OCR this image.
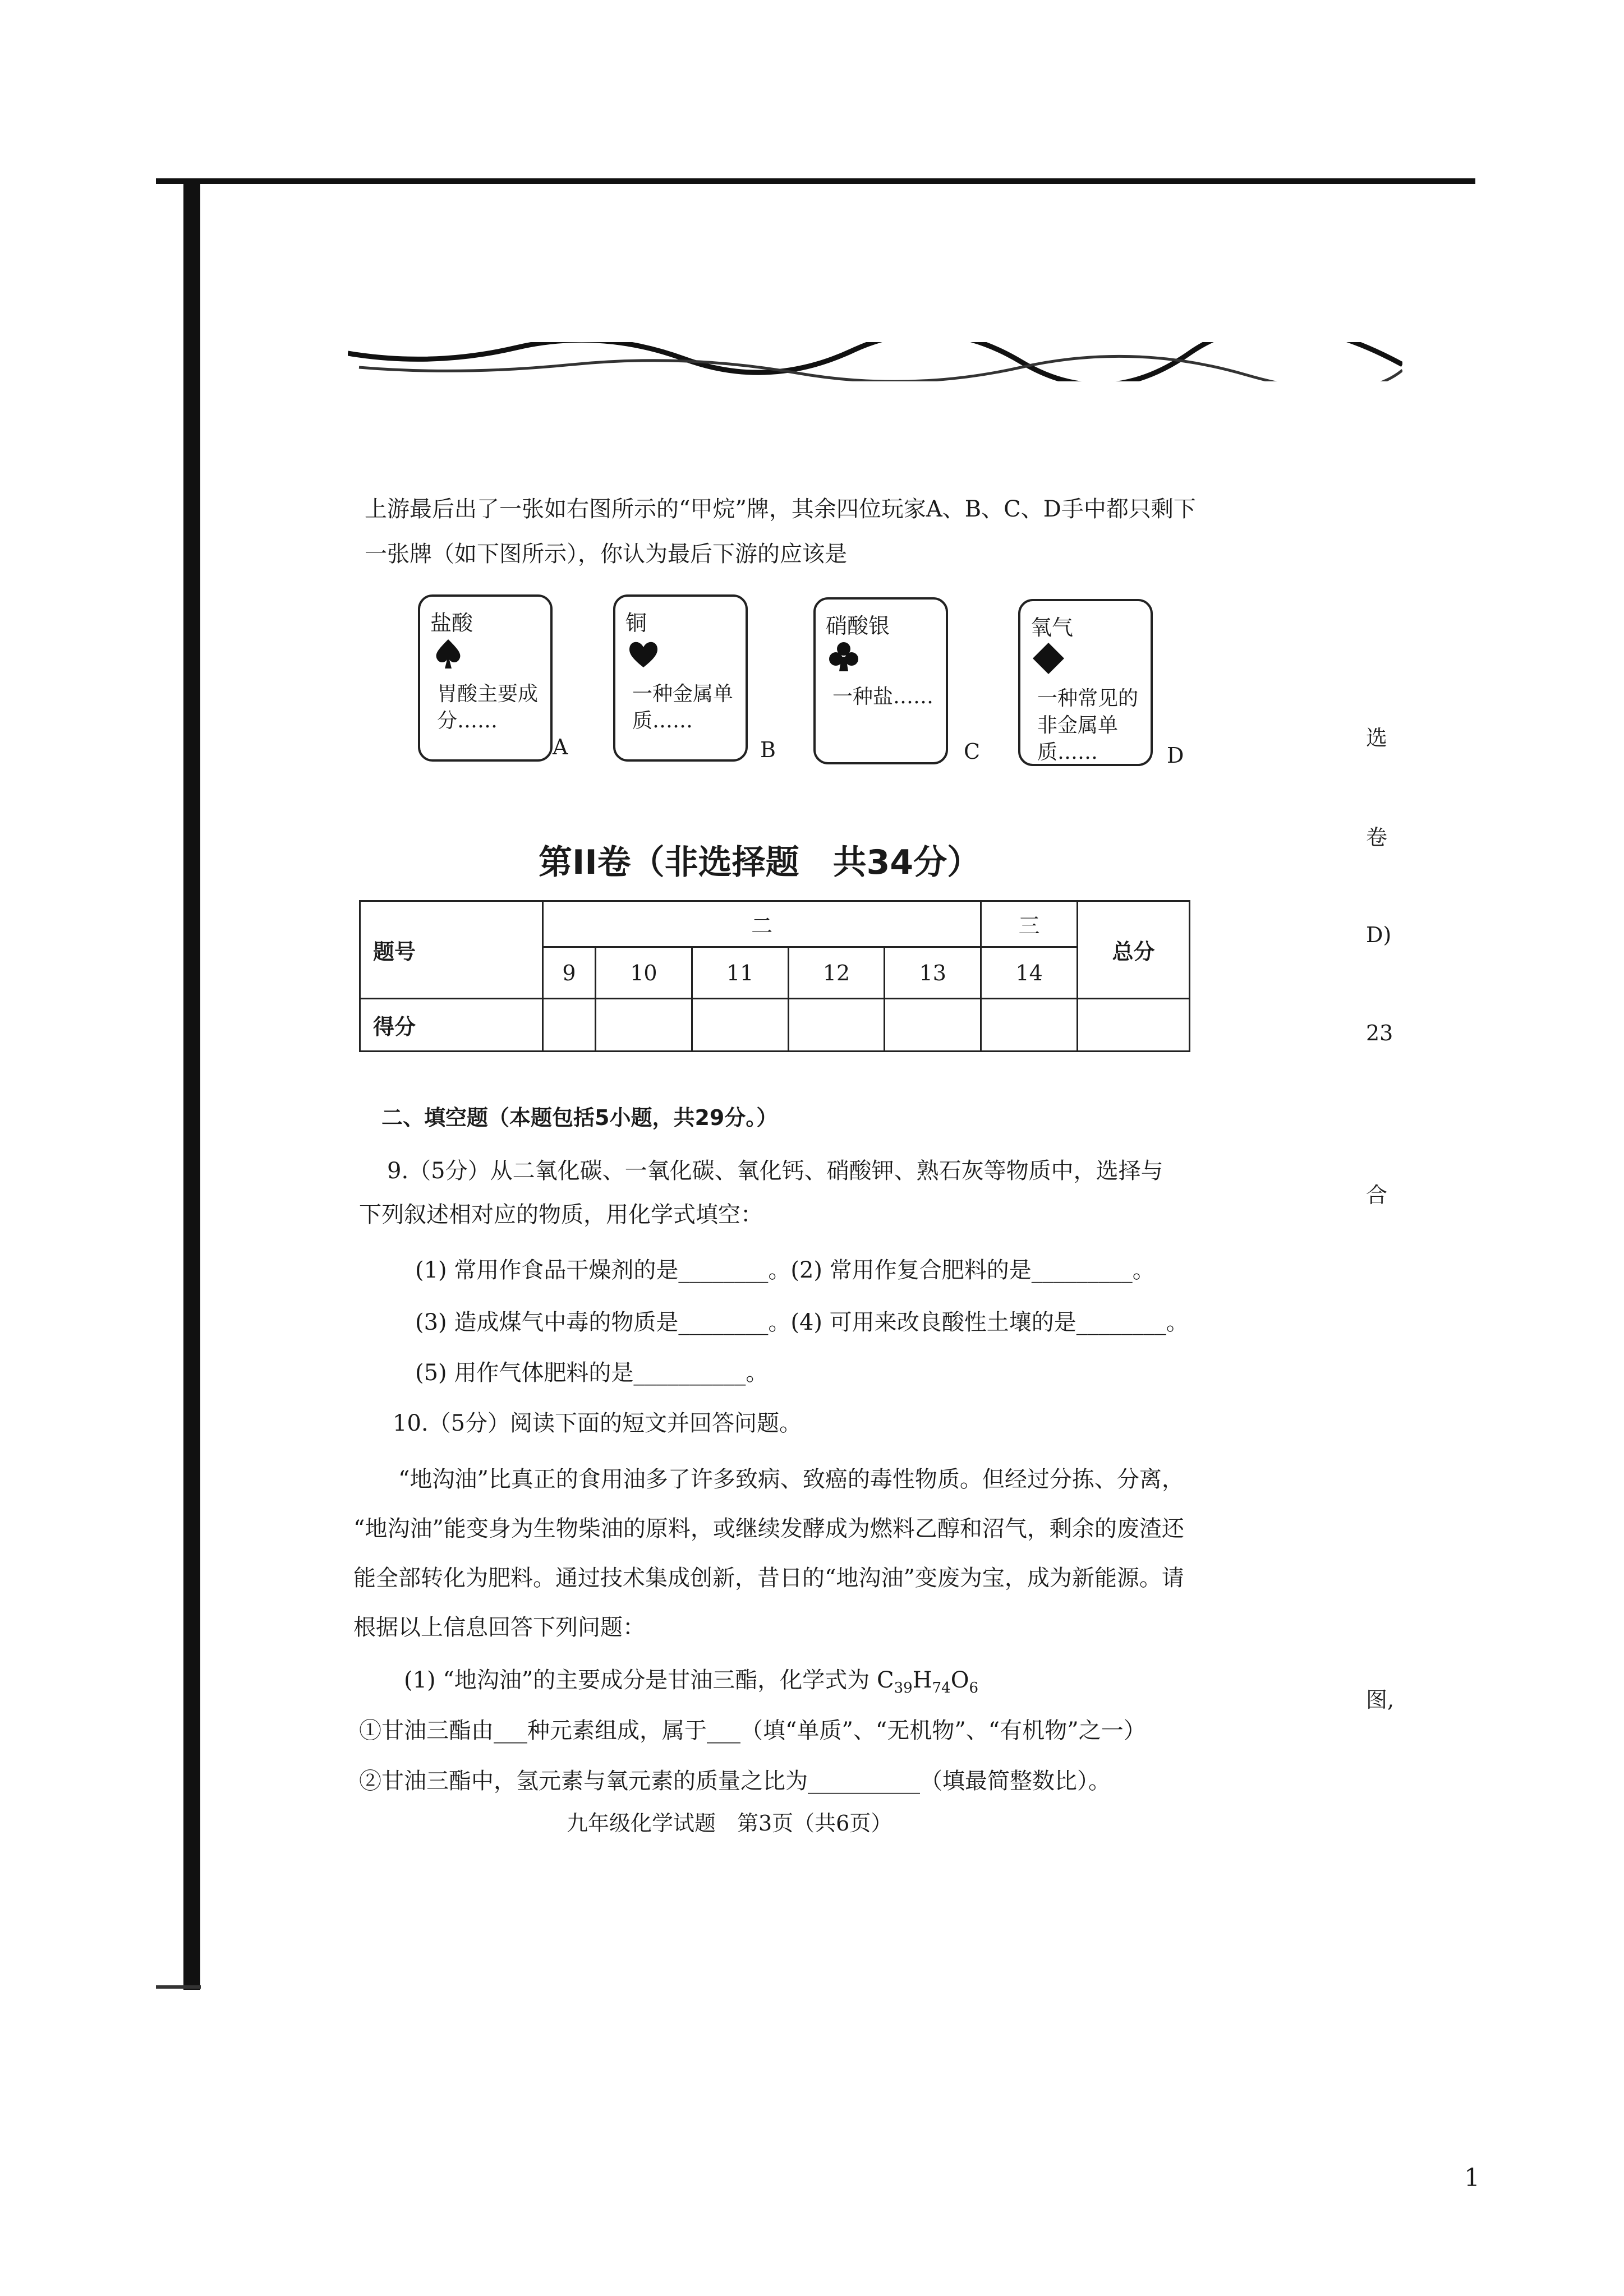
上游最后出了一张如右图所示的“甲烷”牌，其余四位玩家A、B、C、D手中都只剩下
一张牌（如下图所示），你认为最后下游的应该是
盐酸
胃酸主要成分……
A
铜
一种金属单质……
B
硝酸银
一种盐……
C
氧气
一种常见的非金属单质……	D
第II卷（非选择题　共34分）
题号	二					三	总分
	9	10	11	12	13	14	
得分							
二、填空题（本题包括5小题，共29分。）
9.（5分）从二氧化碳、一氧化碳、氧化钙、硝酸钾、熟石灰等物质中，选择与
下列叙述相对应的物质，用化学式填空：
(1) 常用作食品干燥剂的是________。(2) 常用作复合肥料的是_________。
(3) 造成煤气中毒的物质是________。(4) 可用来改良酸性土壤的是________。
(5) 用作气体肥料的是__________。
10.（5分）阅读下面的短文并回答问题。
“地沟油”比真正的食用油多了许多致病、致癌的毒性物质。但经过分拣、分离，
“地沟油”能变身为生物柴油的原料，或继续发酵成为燃料乙醇和沼气，剩余的废渣还
能全部转化为肥料。通过技术集成创新，昔日的“地沟油”变废为宝，成为新能源。请
根据以上信息回答下列问题：
(1) “地沟油”的主要成分是甘油三酯，化学式为 $C_{39}H_{74}O_6$
①甘油三酯由___种元素组成，属于___（填“单质”、“无机物”、“有机物”之一）
②甘油三酯中，氢元素与氧元素的质量之比为__________（填最简整数比）。
选
卷
D)
23
合
图,
九年级化学试题　第3页（共6页）
1
